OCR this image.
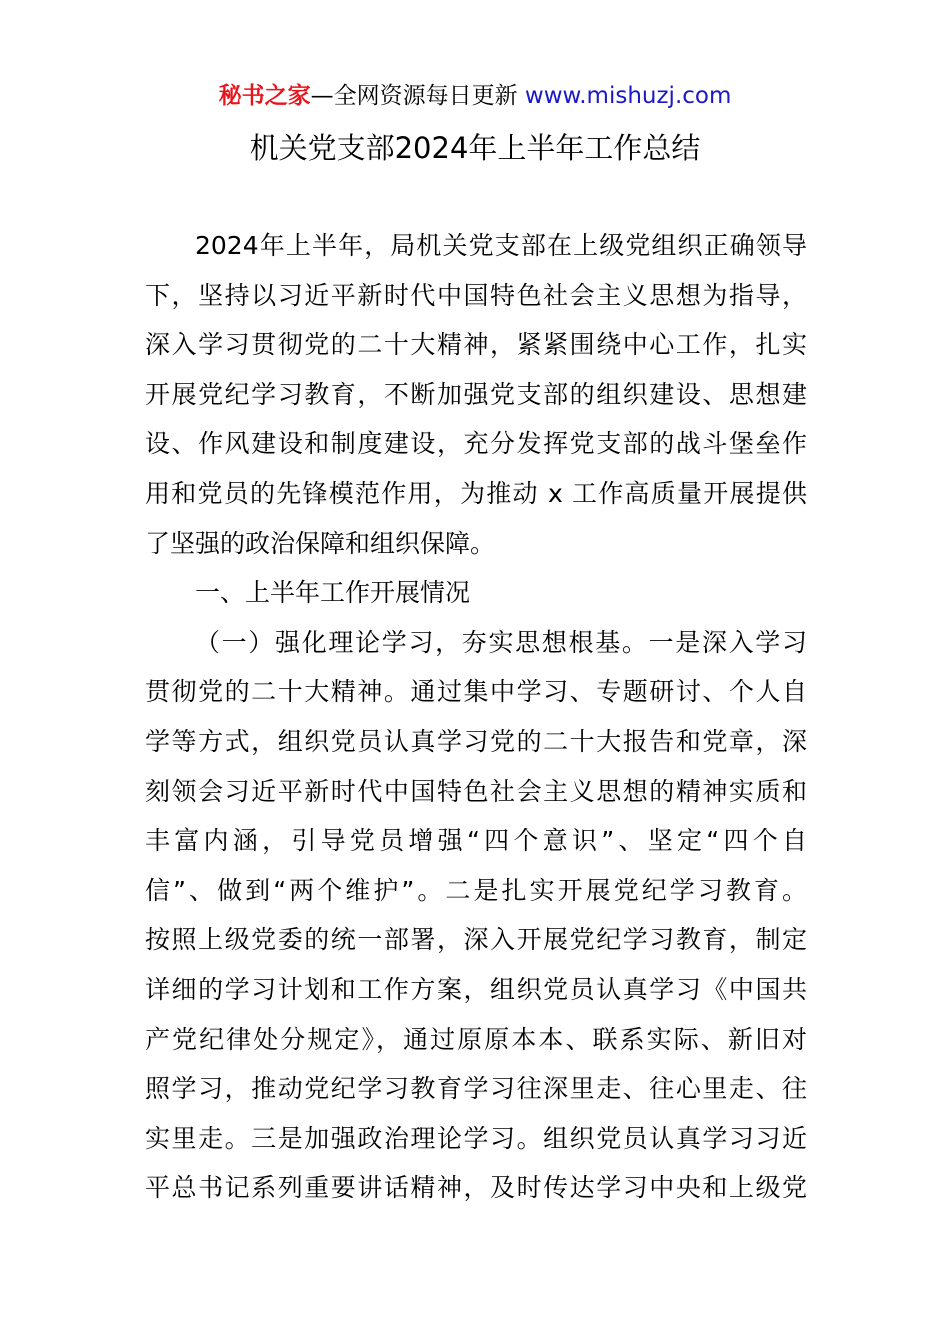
秘书之家—全网资源每日更新 www.mishuzj.com
机关党支部2024年上半年工作总结
2024年上半年，局机关党支部在上级党组织正确领导
下，坚持以习近平新时代中国特色社会主义思想为指导，
深入学习贯彻党的二十大精神，紧紧围绕中心工作，扎实
开展党纪学习教育，不断加强党支部的组织建设、思想建
设、作风建设和制度建设，充分发挥党支部的战斗堡垒作
用和党员的先锋模范作用，为推动 x 工作高质量开展提供
了坚强的政治保障和组织保障。
一、上半年工作开展情况
（一）强化理论学习，夯实思想根基。一是深入学习
贯彻党的二十大精神。通过集中学习、专题研讨、个人自
学等方式，组织党员认真学习党的二十大报告和党章，深
刻领会习近平新时代中国特色社会主义思想的精神实质和
丰富内涵，引导党员增强“四个意识”、坚定“四个自
信”、做到“两个维护”。二是扎实开展党纪学习教育。
按照上级党委的统一部署，深入开展党纪学习教育，制定
详细的学习计划和工作方案，组织党员认真学习《中国共
产党纪律处分规定》，通过原原本本、联系实际、新旧对
照学习，推动党纪学习教育学习往深里走、往心里走、往
实里走。三是加强政治理论学习。组织党员认真学习习近
平总书记系列重要讲话精神，及时传达学习中央和上级党
